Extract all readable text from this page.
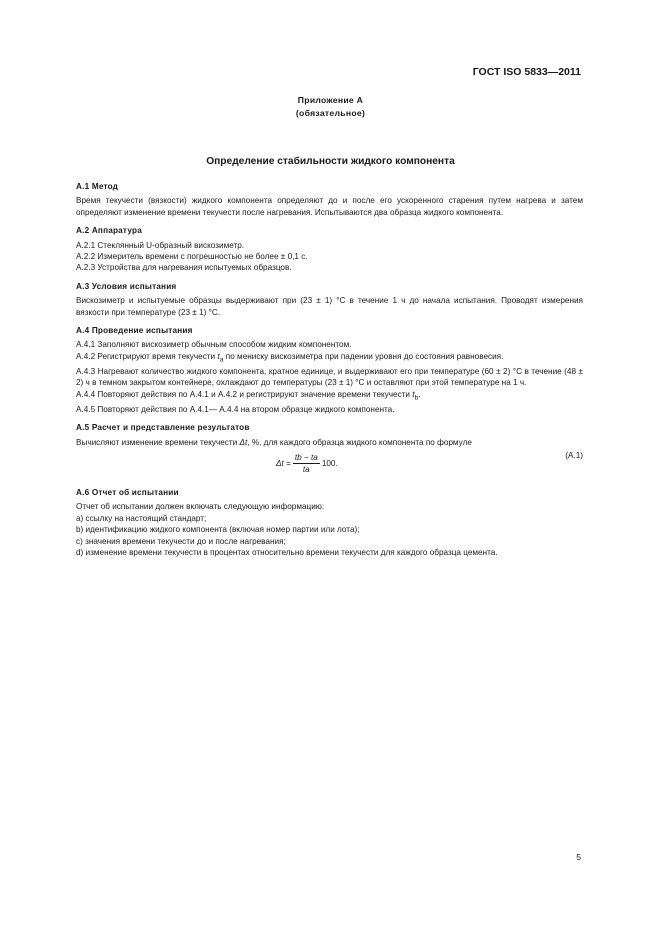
ГОСТ ISO 5833—2011
Приложение А
(обязательное)
Определение стабильности жидкого компонента

А.1 Метод

Время текучести (вязкости) жидкого компонента определяют до и после его ускоренного старения путем нагрева и затем определяют изменение времени текучести после нагревания. Испытываются два образца жидкого компонента.

А.2 Аппаратура

А.2.1 Стеклянный U-образный вискозиметр.

А.2.2 Измеритель времени с погрешностью не более ± 0,1 с.

А.2.3 Устройства для нагревания испытуемых образцов.

А.3 Условия испытания

Вискозиметр и испытуемые образцы выдерживают при (23 ± 1) °С в течение 1 ч до начала испытания. Проводят измерения вязкости при температуре (23 ± 1) °С.

А.4 Проведение испытания

А.4.1 Заполняют вискозиметр обычным способом жидким компонентом.

А.4.2 Регистрируют время текучести $t_a$ по мениску вискозиметра при падении уровня до состояния равновесия.

А.4.3 Нагревают количество жидкого компонента, кратное единице, и выдерживают его при температуре (60 ± 2) °С в течение (48 ± 2) ч в темном закрытом контейнере, охлаждают до температуры (23 ± 1) °С и оставляют при этой температуре на 1 ч.

А.4.4 Повторяют действия по А.4.1 и А.4.2 и регистрируют значение времени текучести $t_b$.

А.4.5 Повторяют действия по А.4.1— А.4.4 на втором образце жидкого компонента.

А.5 Расчет и представление результатов

Вычисляют изменение времени текучести Δt, %, для каждого образца жидкого компонента по формуле

$\Delta t = \frac{tb - ta}{ta} 100$.
(А.1)

А.6 Отчет об испытании

Отчет об испытании должен включать следующую информацию:

a) ссылку на настоящий стандарт;

b) идентификацию жидкого компонента (включая номер партии или лота);

c) значения времени текучести до и после нагревания;

d) изменение времени текучести в процентах относительно времени текучести для каждого образца цемента.

5
